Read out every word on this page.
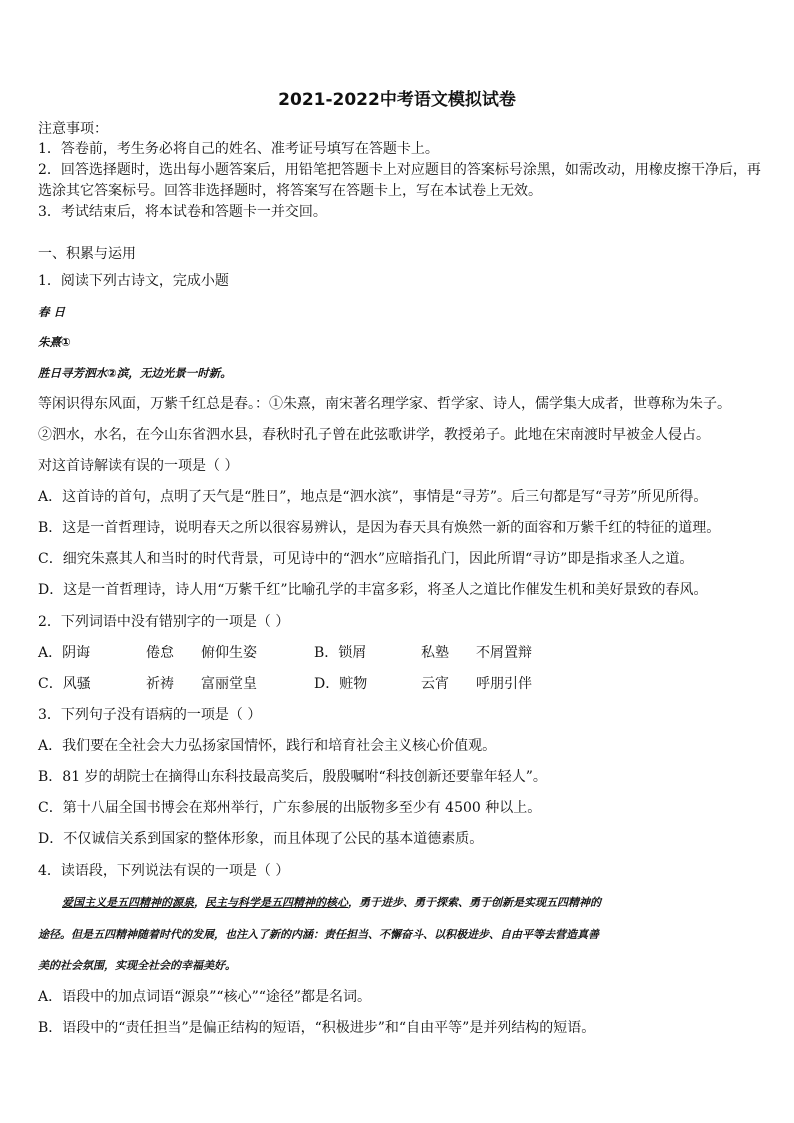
2021-2022中考语文模拟试卷
注意事项：
1．答卷前，考生务必将自己的姓名、准考证号填写在答题卡上。
2．回答选择题时，选出每小题答案后，用铅笔把答题卡上对应题目的答案标号涂黑，如需改动，用橡皮擦干净后，再
选涂其它答案标号。回答非选择题时，将答案写在答题卡上，写在本试卷上无效。
3．考试结束后，将本试卷和答题卡一并交回。
一、积累与运用
1．阅读下列古诗文，完成小题
春 日
朱熹①
胜日寻芳泗水②滨，无边光景一时新。
等闲识得东风面，万紫千红总是春。：①朱熹，南宋著名理学家、哲学家、诗人，儒学集大成者，世尊称为朱子。
②泗水，水名，在今山东省泗水县，春秋时孔子曾在此弦歌讲学，教授弟子。此地在宋南渡时早被金人侵占。
对这首诗解读有误的一项是（ ）
A．这首诗的首句，点明了天气是“胜日”，地点是“泗水滨”，事情是“寻芳”。后三句都是写“寻芳”所见所得。
B．这是一首哲理诗，说明春天之所以很容易辨认，是因为春天具有焕然一新的面容和万紫千红的特征的道理。
C．细究朱熹其人和当时的时代背景，可见诗中的“泗水”应暗指孔门，因此所谓“寻访”即是指求圣人之道。
D．这是一首哲理诗，诗人用“万紫千红”比喻孔学的丰富多彩，将圣人之道比作催发生机和美好景致的春风。
2．下列词语中没有错别字的一项是（ ）
A．阴诲	倦怠 俯仰生姿	B．锁屑	私塾 不屑置辩
C．风骚	祈祷 富丽堂皇	D．赃物	云宵 呼朋引伴
3．下列句子没有语病的一项是（ ）
A．我们要在全社会大力弘扬家国情怀，践行和培育社会主义核心价值观。
B．81 岁的胡院士在摘得山东科技最高奖后，殷殷嘱咐“科技创新还要靠年轻人”。
C．第十八届全国书博会在郑州举行，广东参展的出版物多至少有 4500 种以上。
D．不仅诚信关系到国家的整体形象，而且体现了公民的基本道德素质。
4．读语段，下列说法有误的一项是（ ）
爱国主义是五四精神的源泉，民主与科学是五四精神的核心，勇于进步、勇于探索、勇于创新是实现五四精神的
途径。但是五四精神随着时代的发展，也注入了新的内涵：责任担当、不懈奋斗、以积极进步、自由平等去营造真善
美的社会氛围，实现全社会的幸福美好。
A．语段中的加点词语“源泉”“核心”“途径”都是名词。
B．语段中的“责任担当”是偏正结构的短语，“积极进步”和“自由平等”是并列结构的短语。
